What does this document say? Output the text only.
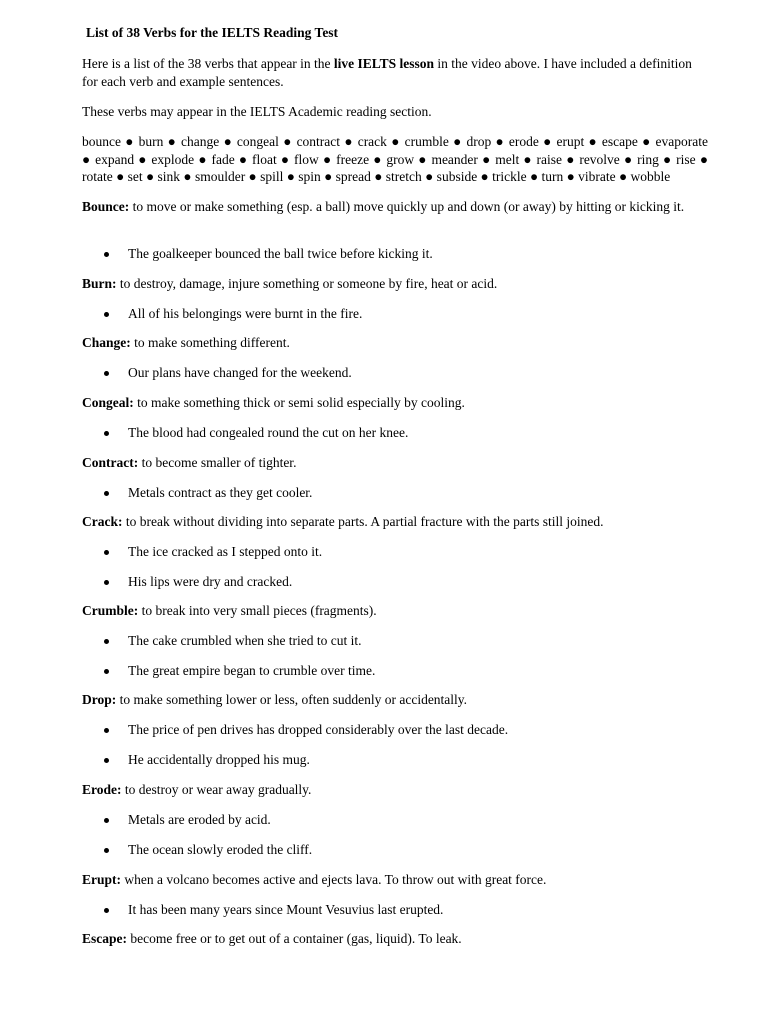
List of 38 Verbs for the IELTS Reading Test
Here is a list of the 38 verbs that appear in the live IELTS lesson in the video above. I have included a definition for each verb and example sentences.
These verbs may appear in the IELTS Academic reading section.
bounce ● burn ● change ● congeal ● contract ● crack ● crumble ● drop ● erode ● erupt ● escape ● evaporate
● expand ● explode ● fade ● float ● flow ● freeze ● grow ● meander ● melt ● raise ● revolve ● ring ● rise ●
rotate ● set ● sink ● smoulder ● spill ● spin ● spread ● stretch ● subside ● trickle ● turn ● vibrate ● wobble
Bounce: to move or make something (esp. a ball) move quickly up and down (or away) by hitting or kicking it.
The goalkeeper bounced the ball twice before kicking it.
Burn: to destroy, damage, injure something or someone by fire, heat or acid.
All of his belongings were burnt in the fire.
Change: to make something different.
Our plans have changed for the weekend.
Congeal: to make something thick or semi solid especially by cooling.
The blood had congealed round the cut on her knee.
Contract: to become smaller of tighter.
Metals contract as they get cooler.
Crack: to break without dividing into separate parts. A partial fracture with the parts still joined.
The ice cracked as I stepped onto it.
His lips were dry and cracked.
Crumble: to break into very small pieces (fragments).
The cake crumbled when she tried to cut it.
The great empire began to crumble over time.
Drop: to make something lower or less, often suddenly or accidentally.
The price of pen drives has dropped considerably over the last decade.
He accidentally dropped his mug.
Erode: to destroy or wear away gradually.
Metals are eroded by acid.
The ocean slowly eroded the cliff.
Erupt: when a volcano becomes active and ejects lava. To throw out with great force.
It has been many years since Mount Vesuvius last erupted.
Escape: become free or to get out of a container (gas, liquid). To leak.
